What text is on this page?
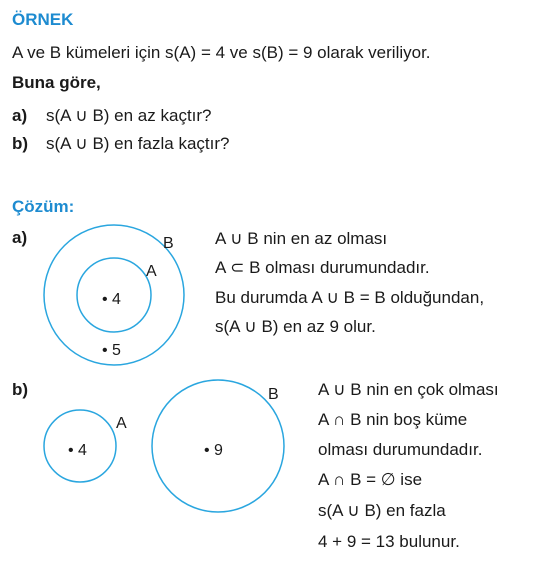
ÖRNEK
A ve B kümeleri için s(A) = 4 ve s(B) = 9 olarak veriliyor.
Buna göre,
a) s(A ∪ B) en az kaçtır?
b) s(A ∪ B) en fazla kaçtır?
Çözüm:
a)	A ∪ B nin en az olması
A ⊂ B olması durumundadır.
Bu durumda A ∪ B = B olduğundan,
s(A ∪ B) en az 9 olur.
b)	A ∪ B nin en çok olması
A ∩ B nin boş küme
olması durumundadır.
A ∩ B = ∅ ise
s(A ∪ B) en fazla
4 + 9 = 13 bulunur.
B
A
• 4
• 5
A
• 4
B
• 9
